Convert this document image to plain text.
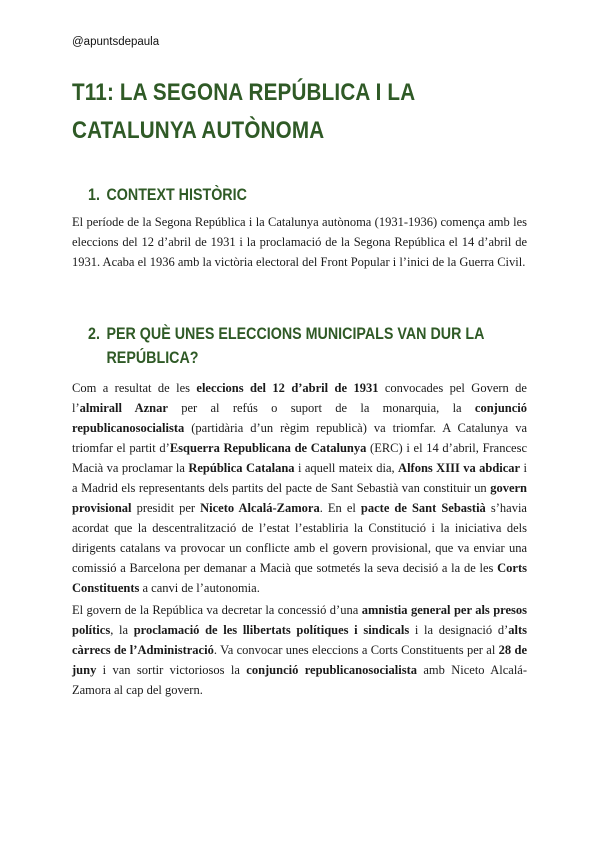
@apuntsdepaula
T11: LA SEGONA REPÚBLICA I LA CATALUNYA AUTÒNOMA
1. CONTEXT HISTÒRIC

El període de la Segona República i la Catalunya autònoma (1931-1936) comença amb les eleccions del 12 d’abril de 1931 i la proclamació de la Segona República el 14 d’abril de 1931. Acaba el 1936 amb la victòria electoral del Front Popular i l’inici de la Guerra Civil.

2. PER QUÈ UNES ELECCIONS MUNICIPALS VAN DUR LA
REPÚBLICA?

Com a resultat de les eleccions del 12 d’abril de 1931 convocades pel Govern de l’almirall Aznar per al refús o suport de la monarquia, la conjunció republicanosocialista (partidària d’un règim republicà) va triomfar. A Catalunya va triomfar el partit d’Esquerra Republicana de Catalunya (ERC) i el 14 d’abril, Francesc Macià va proclamar la República Catalana i aquell mateix dia, Alfons XIII va abdicar i a Madrid els representants dels partits del pacte de Sant Sebastià van constituir un govern provisional presidit per Niceto Alcalá-Zamora. En el pacte de Sant Sebastià s’havia acordat que la descentralització de l’estat l’establiria la Constitució i la iniciativa dels dirigents catalans va provocar un conflicte amb el govern provisional, que va enviar una comissió a Barcelona per demanar a Macià que sotmetés la seva decisió a la de les Corts Constituents a canvi de l’autonomia.

El govern de la República va decretar la concessió d’una amnistia general per als presos polítics, la proclamació de les llibertats polítiques i sindicals i la designació d’alts càrrecs de l’Administració. Va convocar unes eleccions a Corts Constituents per al 28 de juny i van sortir victoriosos la conjunció republicanosocialista amb Niceto Alcalá-Zamora al cap del govern.
